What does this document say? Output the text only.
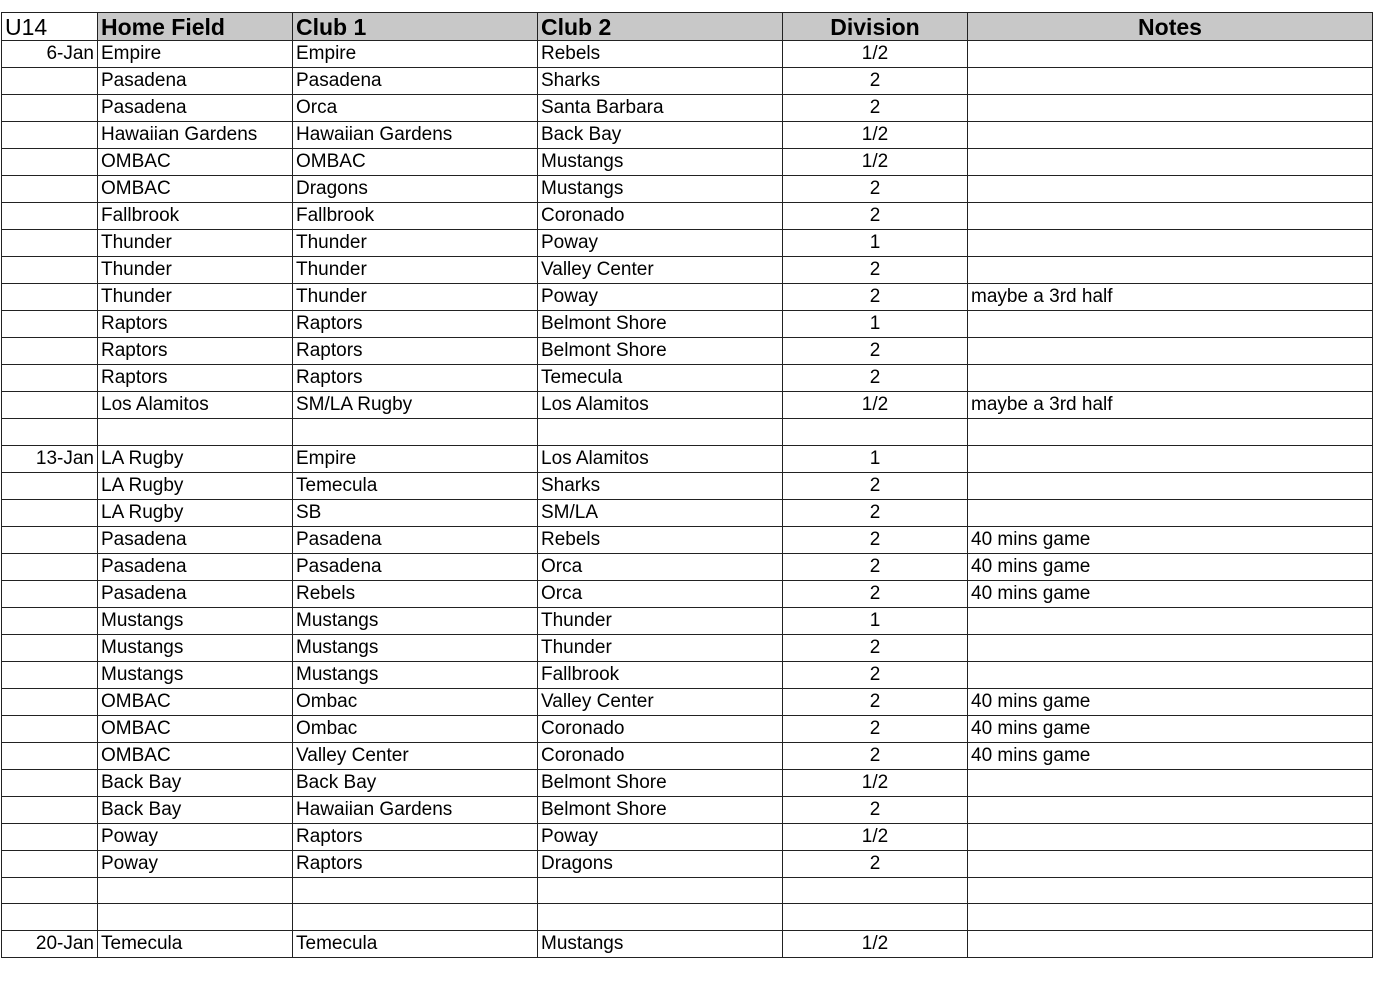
U14	Home Field	Club 1	Club 2	Division	Notes
6-Jan	Empire	Empire	Rebels	1/2	
	Pasadena	Pasadena	Sharks	2	
	Pasadena	Orca	Santa Barbara	2	
	Hawaiian Gardens	Hawaiian Gardens	Back Bay	1/2	
	OMBAC	OMBAC	Mustangs	1/2	
	OMBAC	Dragons	Mustangs	2	
	Fallbrook	Fallbrook	Coronado	2	
	Thunder	Thunder	Poway	1	
	Thunder	Thunder	Valley Center	2	
	Thunder	Thunder	Poway	2	maybe a 3rd half
	Raptors	Raptors	Belmont Shore	1	
	Raptors	Raptors	Belmont Shore	2	
	Raptors	Raptors	Temecula	2	
	Los Alamitos	SM/LA Rugby	Los Alamitos	1/2	maybe a 3rd half

13-Jan	LA Rugby	Empire	Los Alamitos	1	
	LA Rugby	Temecula	Sharks	2	
	LA Rugby	SB	SM/LA	2	
	Pasadena	Pasadena	Rebels	2	40 mins game
	Pasadena	Pasadena	Orca	2	40 mins game
	Pasadena	Rebels	Orca	2	40 mins game
	Mustangs	Mustangs	Thunder	1	
	Mustangs	Mustangs	Thunder	2	
	Mustangs	Mustangs	Fallbrook	2	
	OMBAC	Ombac	Valley Center	2	40 mins game
	OMBAC	Ombac	Coronado	2	40 mins game
	OMBAC	Valley Center	Coronado	2	40 mins game
	Back Bay	Back Bay	Belmont Shore	1/2	
	Back Bay	Hawaiian Gardens	Belmont Shore	2	
	Poway	Raptors	Poway	1/2	
	Poway	Raptors	Dragons	2	

20-Jan	Temecula	Temecula	Mustangs	1/2	
